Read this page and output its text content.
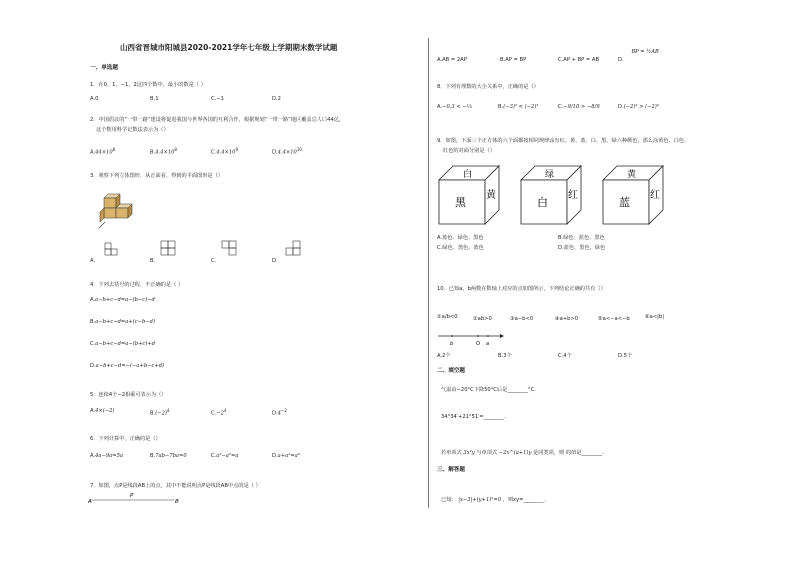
山西省晋城市阳城县2020-2021学年七年级上学期期末数学试题
一、单选题
1．在0，1，−1，2这四个数中，最小的数是（ ）
A.0	B.1	C.−1	D.2
2．中国倡议的“一带一路”建设将促进我国与世界各国的互利合作，根据规划“一带一路”地区覆盖总人口44亿，
这个数用科学记数法表示为（）
$A.44\times 10^8$
$B.4.4\times 10^8$
$C.4.4\times 10^9$
$D.4.4\times 10^{10}$
3．观察下列立体图形，从正面看，得到的平面图形是（）
A.	B.	C.	D.
4．下列去括号的过程，不正确的是（ ）
A.a−b+c−d=a−(b−c)−d
B.a−b+c−d=a+(c−b−d)
C.a−b+c−d=a−(b+c)+d
D.a−b+c−d=−(−a+b−c+d)
5．连续4个−2相乘可表示为（）
A.4×(−2)	$B.(-2)^4$
$C.-2^4$
$D.4^{-2}$
6．下列计算中，正确的是（）
A.4a−9a=5a	B.7ab−7ba=0	C.a³−a²=a	D.a+a²=a³
7．如图，点P是线段AB上的点，其中不能说明点P是线段AB中点的是（ ）
A
P
B
A.AB = 2AP	B.AP = BP	C.AP + BP = AB	D. BP = ½AB
8．下列有理数的大小关系中，正确的是（）
A.−0.3 < −⅓	B.(−3)² < (−2)³	C.−9/10 > −8/9	D.(−2)² > (−2)³
9．如图，下面三个正方体的六个面都按相同规律涂有红、黄、蓝、白、黑、绿六种颜色，那么涂黄色、白色、
红色的对面分别是（）
白
黑
黄
绿
白
红
黄
蓝
红
A.蓝色、绿色、黑色	B.绿色、蓝色、黑色
C.绿色、黑色、蓝色	D.蓝色、黑色、绿色
10．已知a、b两数在数轴上对应的点如图所示，下列结论正确的共有（）
①a/b<0	②ab>0	③a−b<0	④a+b>0	⑤a<−a<−b	⑥a<|b|
b	O a
A.2个	B.3个	C.4个	D.5个
二、填空题
气温由−20°C下降50°C后是________°C.
34°34′+21°51′=________.
若单项式 3x²y 与单项式 −2x^(a+1)y 是同类项，则 的值是________.
三、解答题
已知： |x−3|+(y+1)²=0 ，则xy=________.
